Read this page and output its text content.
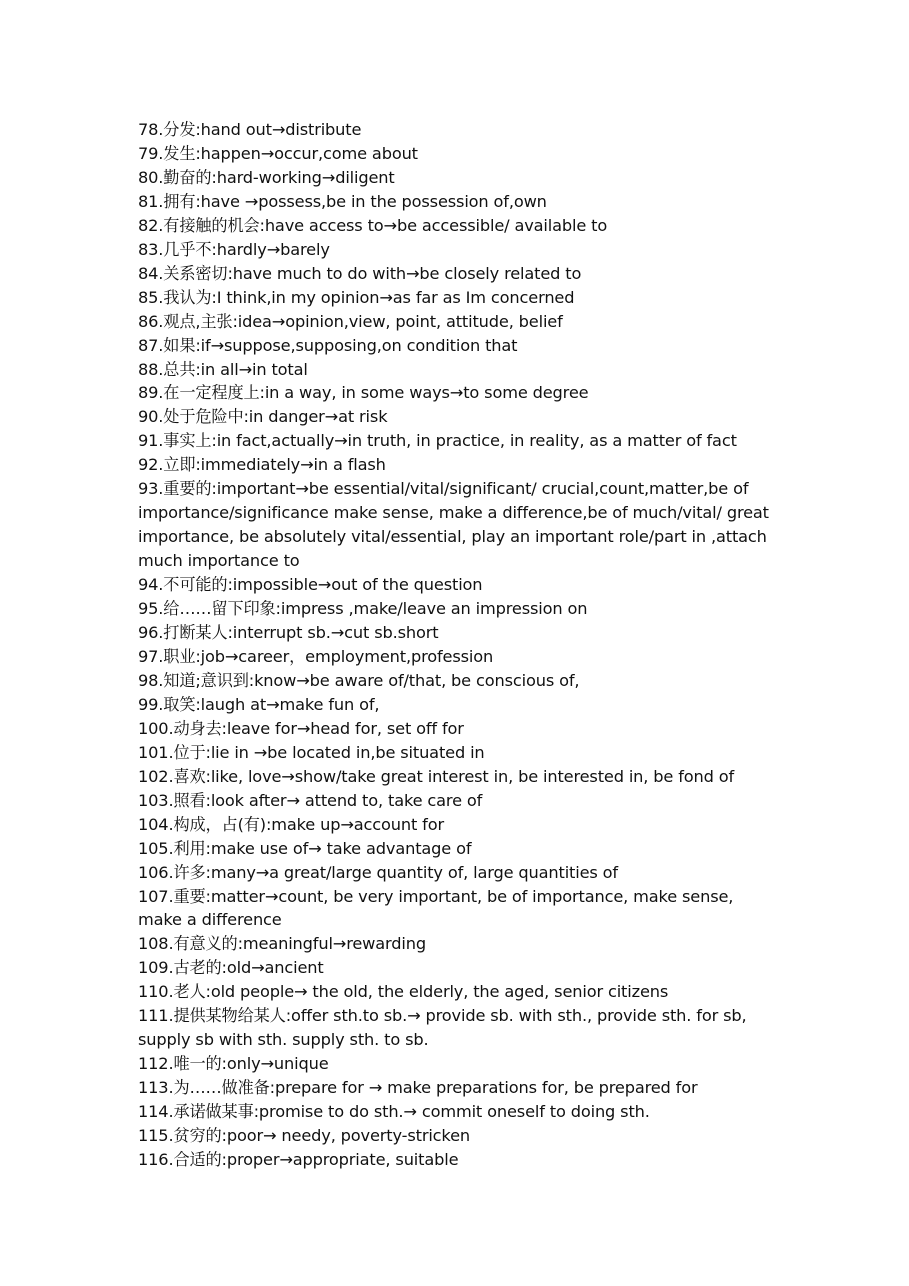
78.分发:hand out→distribute

79.发生:happen→occur,come about

80.勤奋的:hard-working→diligent

81.拥有:have →possess,be in the possession of,own

82.有接触的机会:have access to→be accessible/ available to

83.几乎不:hardly→barely

84.关系密切:have much to do with→be closely related to

85.我认为:I think,in my opinion→as far as Im concerned

86.观点,主张:idea→opinion,view, point, attitude, belief

87.如果:if→suppose,supposing,on condition that

88.总共:in all→in total

89.在一定程度上:in a way, in some ways→to some degree

90.处于危险中:in danger→at risk

91.事实上:in fact,actually→in truth, in practice, in reality, as a matter of fact

92.立即:immediately→in a flash

93.重要的:important→be essential/vital/significant/ crucial,count,matter,be of importance/significance make sense, make a difference,be of much/vital/ great importance, be absolutely vital/essential, play an important role/part in ,attach much importance to

94.不可能的:impossible→out of the question

95.给……留下印象:impress ,make/leave an impression on

96.打断某人:interrupt sb.→cut sb.short

97.职业:job→career，employment,profession

98.知道;意识到:know→be aware of/that, be conscious of,

99.取笑:laugh at→make fun of,

100.动身去:leave for→head for, set off for

101.位于:lie in →be located in,be situated in

102.喜欢:like, love→show/take great interest in, be interested in, be fond of

103.照看:look after→ attend to, take care of

104.构成，占(有):make up→account for

105.利用:make use of→ take advantage of

106.许多:many→a great/large quantity of, large quantities of

107.重要:matter→count, be very important, be of importance, make sense, make a difference

108.有意义的:meaningful→rewarding

109.古老的:old→ancient

110.老人:old people→ the old, the elderly, the aged, senior citizens

111.提供某物给某人:offer sth.to sb.→ provide sb. with sth., provide sth. for sb, supply sb with sth. supply sth. to sb.

112.唯一的:only→unique

113.为……做准备:prepare for → make preparations for, be prepared for

114.承诺做某事:promise to do sth.→ commit oneself to doing sth.

115.贫穷的:poor→ needy, poverty-stricken

116.合适的:proper→appropriate, suitable
